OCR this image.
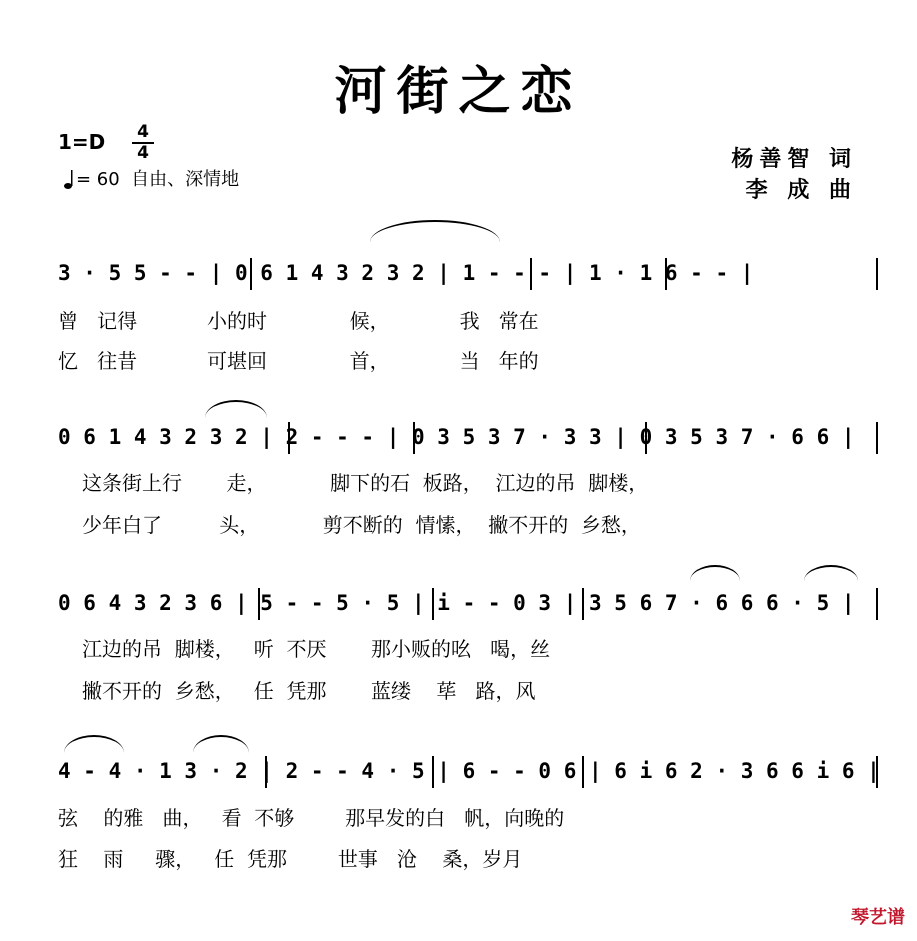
河街之恋
1=D 4
4
= 60  自由、深情地
杨善智 词
李 成 曲
3 · 5 5 - - | 0 6 1 4 3 2 3 2 | 1 - - - | 1 · 1 6 - - |
曾   记得           小的时             候，           我   常在
忆   往昔           可堪回             首，           当   年的
0 6 1 4 3 2 3 2 | 2 - - - | 0 3 5 3 7 · 3 3 | 0 3 5 3 7 · 6 6 |
这条街上行       走，          脚下的石  板路，  江边的吊  脚楼，
少年白了         头，          剪不断的  情愫，  撇不开的  乡愁，
0 6 4 3 2 3 6 | 5 - - 5 · 5 | i - - 0 3 | 3 5 6 7 · 6 6 6 · 5 |
江边的吊  脚楼，   听  不厌       那小贩的吆   喝，丝
撇不开的  乡愁，   任  凭那       蓝缕    荜   路，风
4 - 4 · 1 3 · 2 | 2 - - 4 · 5 | 6 - - 0 6 | 6 i 6 2 · 3 6 6 i 6 |
弦    的雅   曲，   看  不够        那早发的白   帆，向晚的
狂    雨     骤，   任  凭那        世事   沧    桑，岁月
琴艺谱
